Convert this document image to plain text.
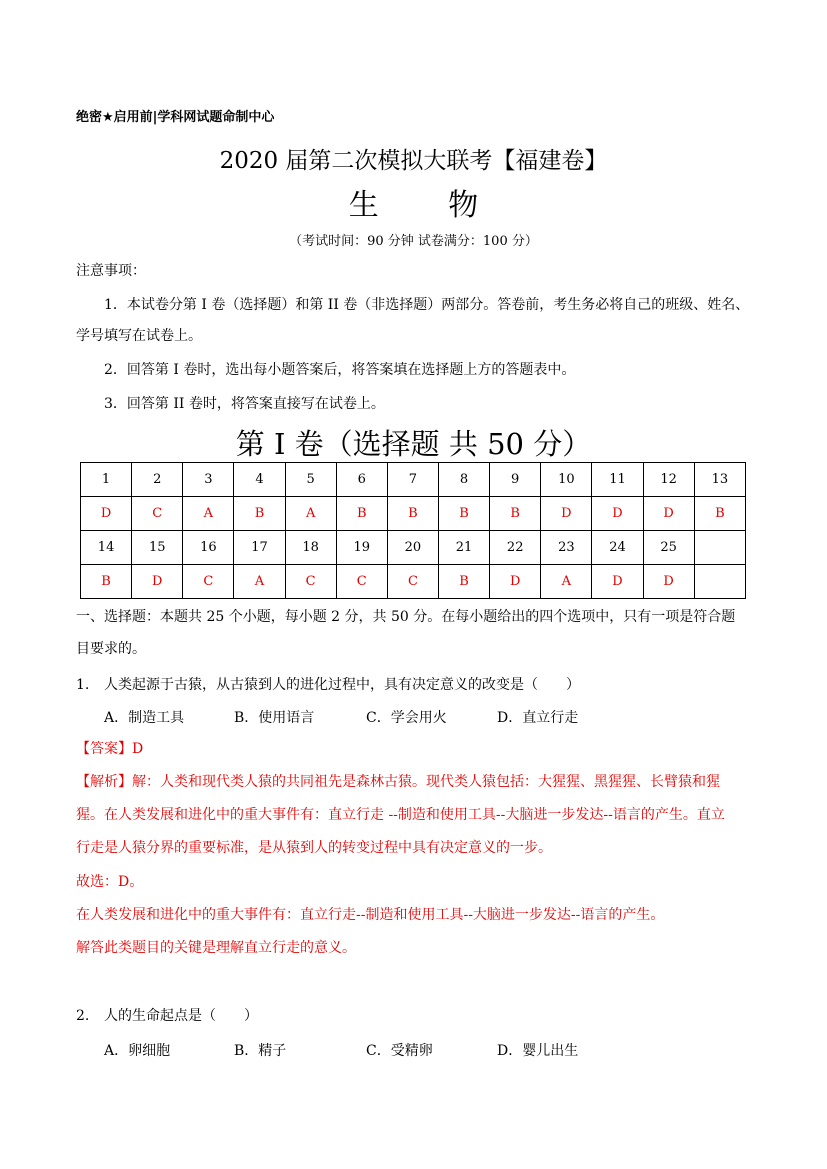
绝密★启用前|学科网试题命制中心
2020 届第二次模拟大联考【福建卷】
生 物
（考试时间：90 分钟 试卷满分：100 分）
注意事项：
1．本试卷分第 I 卷（选择题）和第 II 卷（非选择题）两部分。答卷前，考生务必将自己的班级、姓名、
学号填写在试卷上。
2．回答第 I 卷时，选出每小题答案后，将答案填在选择题上方的答题表中。
3．回答第 II 卷时，将答案直接写在试卷上。
第 I 卷（选择题 共 50 分）
1	2	3	4	5	6	7	8	9	10	11	12	13
D	C	A	B	A	B	B	B	B	D	D	D	B
14	15	16	17	18	19	20	21	22	23	24	25	
B	D	C	A	C	C	C	B	D	A	D	D	
一、选择题：本题共 25 个小题，每小题 2 分，共 50 分。在每小题给出的四个选项中，只有一项是符合题
目要求的。
1. 人类起源于古猿，从古猿到人的进化过程中，具有决定意义的改变是（　　）
A．制造工具	B．使用语言	C．学会用火	D．直立行走
【答案】D
【解析】解：人类和现代类人猿的共同祖先是森林古猿。现代类人猿包括：大猩猩、黑猩猩、长臂猿和猩
猩。在人类发展和进化中的重大事件有：直立行走 --制造和使用工具--大脑进一步发达--语言的产生。直立
行走是人猿分界的重要标准，是从猿到人的转变过程中具有决定意义的一步。
故选：D。
在人类发展和进化中的重大事件有：直立行走--制造和使用工具--大脑进一步发达--语言的产生。
解答此类题目的关键是理解直立行走的意义。
2. 人的生命起点是（　　）
A．卵细胞	B．精子	C．受精卵	D．婴儿出生
